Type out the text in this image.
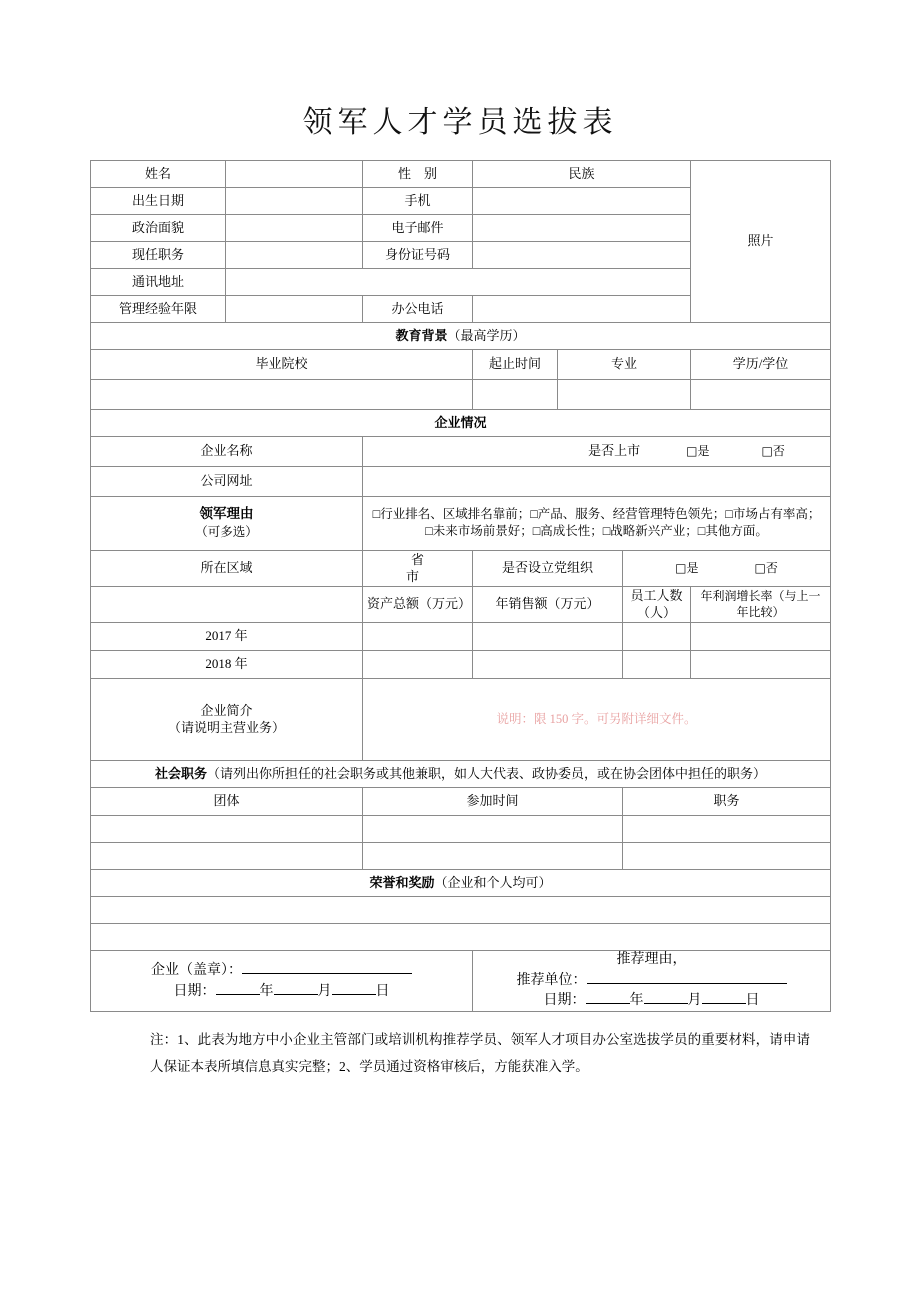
领军人才学员选拔表
姓名		性　别	民族			照片
出生日期		手机				
政治面貌		电子邮件				
现任职务		身份证号码				
通讯地址						
管理经验年限		办公电话				
教育背景（最高学历）						
毕业院校			起止时间	专业		学历/学位

企业情况						
企业名称		是否上市 □是 □否				
公司网址						

领军理由
（可多选）

□行业排名、区域排名靠前；□产品、服务、经营管理特色领先；□市场占有率高；
□未来市场前景好；□高成长性；□战略新兴产业；□其他方面。

所在区域		省　　　市	是否设立党组织		□是 □否	
		资产总额（万元）	年销售额（万元）		员工人数（人）	年利润增长率（与上一年比较）
2017 年						
2018 年						

企业简介
（请说明主营业务）		说明：限 150 字。可另附详细文件。				
社会职务（请列出你所担任的社会职务或其他兼职，如人大代表、政协委员，或在协会团体中担任的职务）						
团体		参加时间			职务	

荣誉和奖励（企业和个人均可）						

企业（盖章）：
日期：	年	月	日

推荐理由，
推荐单位：
日期：	年	月	日

注：1、此表为地方中小企业主管部门或培训机构推荐学员、领军人才项目办公室选拔学员的重要材料，请申请人保证本表所填信息真实完整；2、学员通过资格审核后，方能获准入学。
